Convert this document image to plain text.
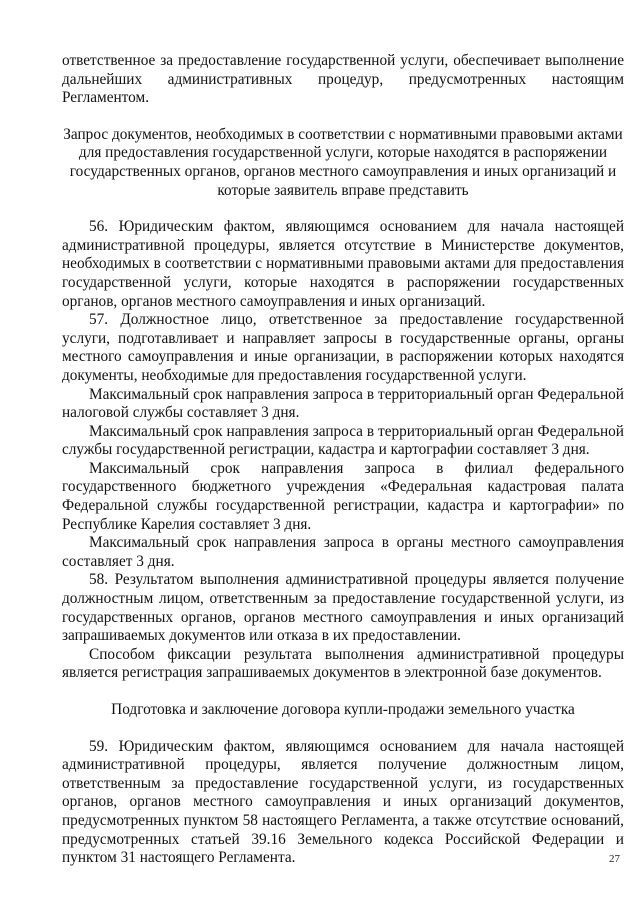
ответственное за предоставление государственной услуги, обеспечивает выполнение дальнейших административных процедур, предусмотренных настоящим Регламентом.

Запрос документов, необходимых в соответствии с нормативными правовыми актами для предоставления государственной услуги, которые находятся в распоряжении государственных органов, органов местного самоуправления и иных организаций и которые заявитель вправе представить

56. Юридическим фактом, являющимся основанием для начала настоящей административной процедуры, является отсутствие в Министерстве документов, необходимых в соответствии с нормативными правовыми актами для предоставления государственной услуги, которые находятся в распоряжении государственных органов, органов местного самоуправления и иных организаций.

57. Должностное лицо, ответственное за предоставление государственной услуги, подготавливает и направляет запросы в государственные органы, органы местного самоуправления и иные организации, в распоряжении которых находятся документы, необходимые для предоставления государственной услуги.

Максимальный срок направления запроса в территориальный орган Федеральной налоговой службы составляет 3 дня.

Максимальный срок направления запроса в территориальный орган Федеральной службы государственной регистрации, кадастра и картографии составляет 3 дня.

Максимальный срок направления запроса в филиал федерального государственного бюджетного учреждения «Федеральная кадастровая палата Федеральной службы государственной регистрации, кадастра и картографии» по Республике Карелия составляет 3 дня.

Максимальный срок направления запроса в органы местного самоуправления составляет 3 дня.

58. Результатом выполнения административной процедуры является получение должностным лицом, ответственным за предоставление государственной услуги, из государственных органов, органов местного самоуправления и иных организаций запрашиваемых документов или отказа в их предоставлении.

Способом фиксации результата выполнения административной процедуры является регистрация запрашиваемых документов в электронной базе документов.

Подготовка и заключение договора купли-продажи земельного участка

59. Юридическим фактом, являющимся основанием для начала настоящей административной процедуры, является получение должностным лицом, ответственным за предоставление государственной услуги, из государственных органов, органов местного самоуправления и иных организаций документов, предусмотренных пунктом 58 настоящего Регламента, а также отсутствие оснований, предусмотренных статьей 39.16 Земельного кодекса Российской Федерации и пунктом 31 настоящего Регламента.	27
